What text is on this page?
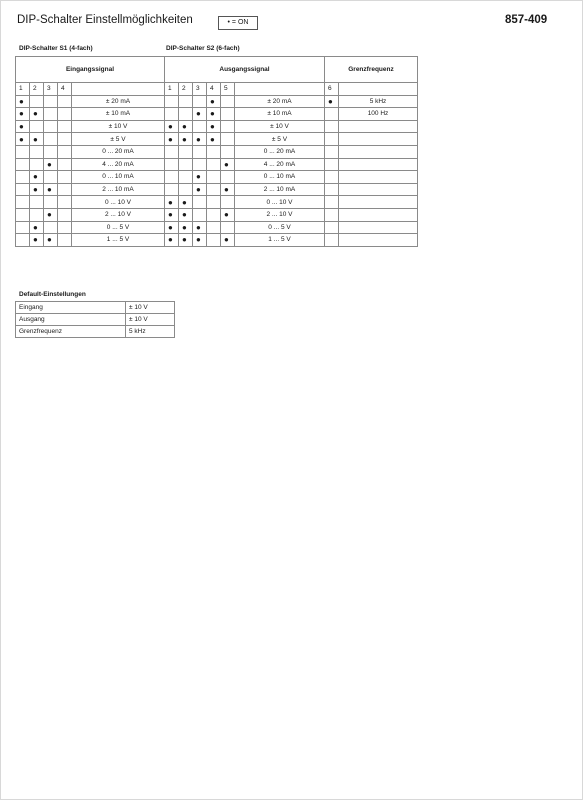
DIP-Schalter Einstellmöglichkeiten	• = ON	857-409
DIP-Schalter S1 (4-fach)	DIP-Schalter S2 (6-fach)
Eingangssignal					Ausgangssignal						Grenzfrequenz	
1	2	3	4		1	2	3	4	5		6	
●				± 20 mA				●		± 20 mA	●	5 kHz
●	●			± 10 mA			●	●		± 10 mA		100 Hz
●				± 10 V	●	●		●		± 10 V		
●	●			± 5 V	●	●	●	●		± 5 V		
				0 ... 20 mA						0 ... 20 mA		
		●		4 ... 20 mA					●	4 ... 20 mA		
	●			0 ... 10 mA			●			0 ... 10 mA		
	●	●		2 ... 10 mA			●		●	2 ... 10 mA		
				0 ... 10 V	●	●				0 ... 10 V		
		●		2 ... 10 V	●	●			●	2 ... 10 V		
	●			0 ... 5 V	●	●	●			0 ... 5 V		
	●	●		1 ... 5 V	●	●	●		●	1 ... 5 V		
Default-Einstellungen
Eingang	± 10 V
Ausgang	± 10 V
Grenzfrequenz	5 kHz
